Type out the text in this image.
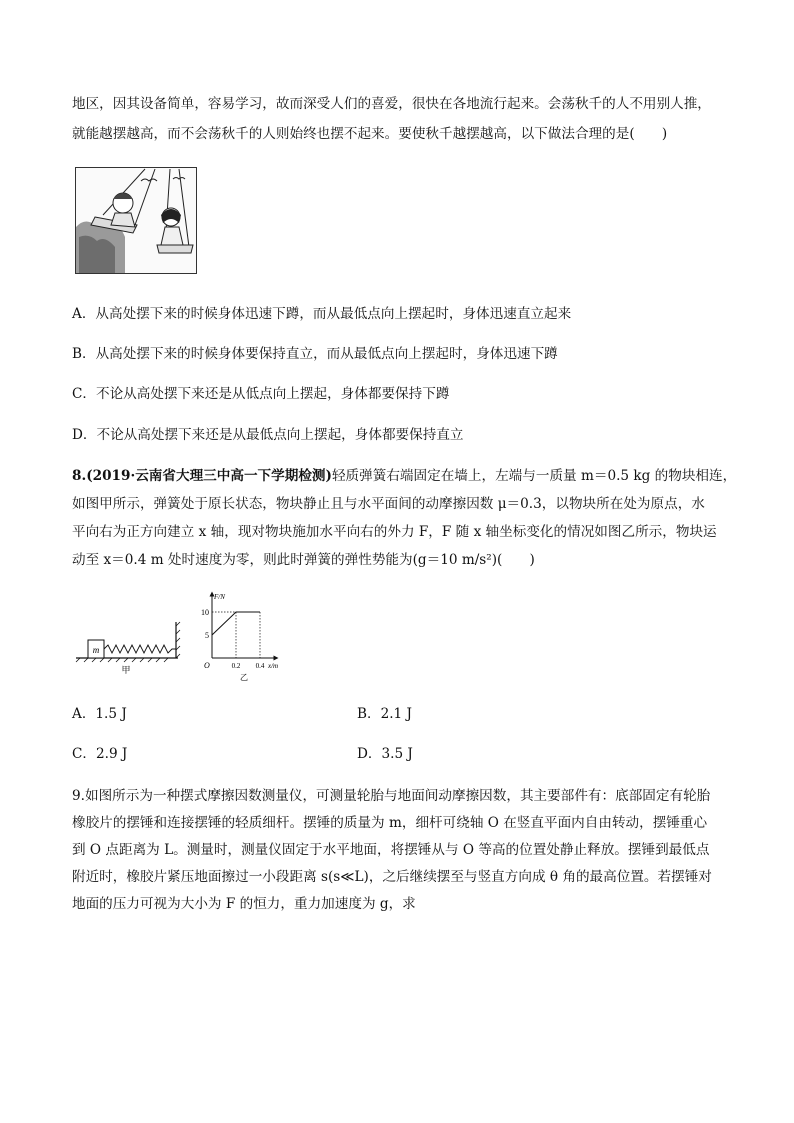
地区，因其设备简单，容易学习，故而深受人们的喜爱，很快在各地流行起来。会荡秋千的人不用别人推，
就能越摆越高，而不会荡秋千的人则始终也摆不起来。要使秋千越摆越高，以下做法合理的是(　　)
A．从高处摆下来的时候身体迅速下蹲，而从最低点向上摆起时，身体迅速直立起来
B．从高处摆下来的时候身体要保持直立，而从最低点向上摆起时，身体迅速下蹲
C．不论从高处摆下来还是从低点向上摆起，身体都要保持下蹲
D．不论从高处摆下来还是从最低点向上摆起，身体都要保持直立
8.(2019·云南省大理三中高一下学期检测)轻质弹簧右端固定在墙上，左端与一质量 m＝0.5 kg 的物块相连，
如图甲所示，弹簧处于原长状态，物块静止且与水平面间的动摩擦因数 μ＝0.3，以物块所在处为原点，水
平向右为正方向建立 x 轴，现对物块施加水平向右的外力 F，F 随 x 轴坐标变化的情况如图乙所示，物块运
动至 x＝0.4 m 处时速度为零，则此时弹簧的弹性势能为(g＝10 m/s²)(　　)
m
甲
F/N
x/m
O
10
5
0.2 0.4
乙
A．1.5 J	B．2.1 J
C．2.9 J	D．3.5 J
9.如图所示为一种摆式摩擦因数测量仪，可测量轮胎与地面间动摩擦因数，其主要部件有：底部固定有轮胎
橡胶片的摆锤和连接摆锤的轻质细杆。摆锤的质量为 m，细杆可绕轴 O 在竖直平面内自由转动，摆锤重心
到 O 点距离为 L。测量时，测量仪固定于水平地面，将摆锤从与 O 等高的位置处静止释放。摆锤到最低点
附近时，橡胶片紧压地面擦过一小段距离 s(s≪L)，之后继续摆至与竖直方向成 θ 角的最高位置。若摆锤对
地面的压力可视为大小为 F 的恒力，重力加速度为 g，求
